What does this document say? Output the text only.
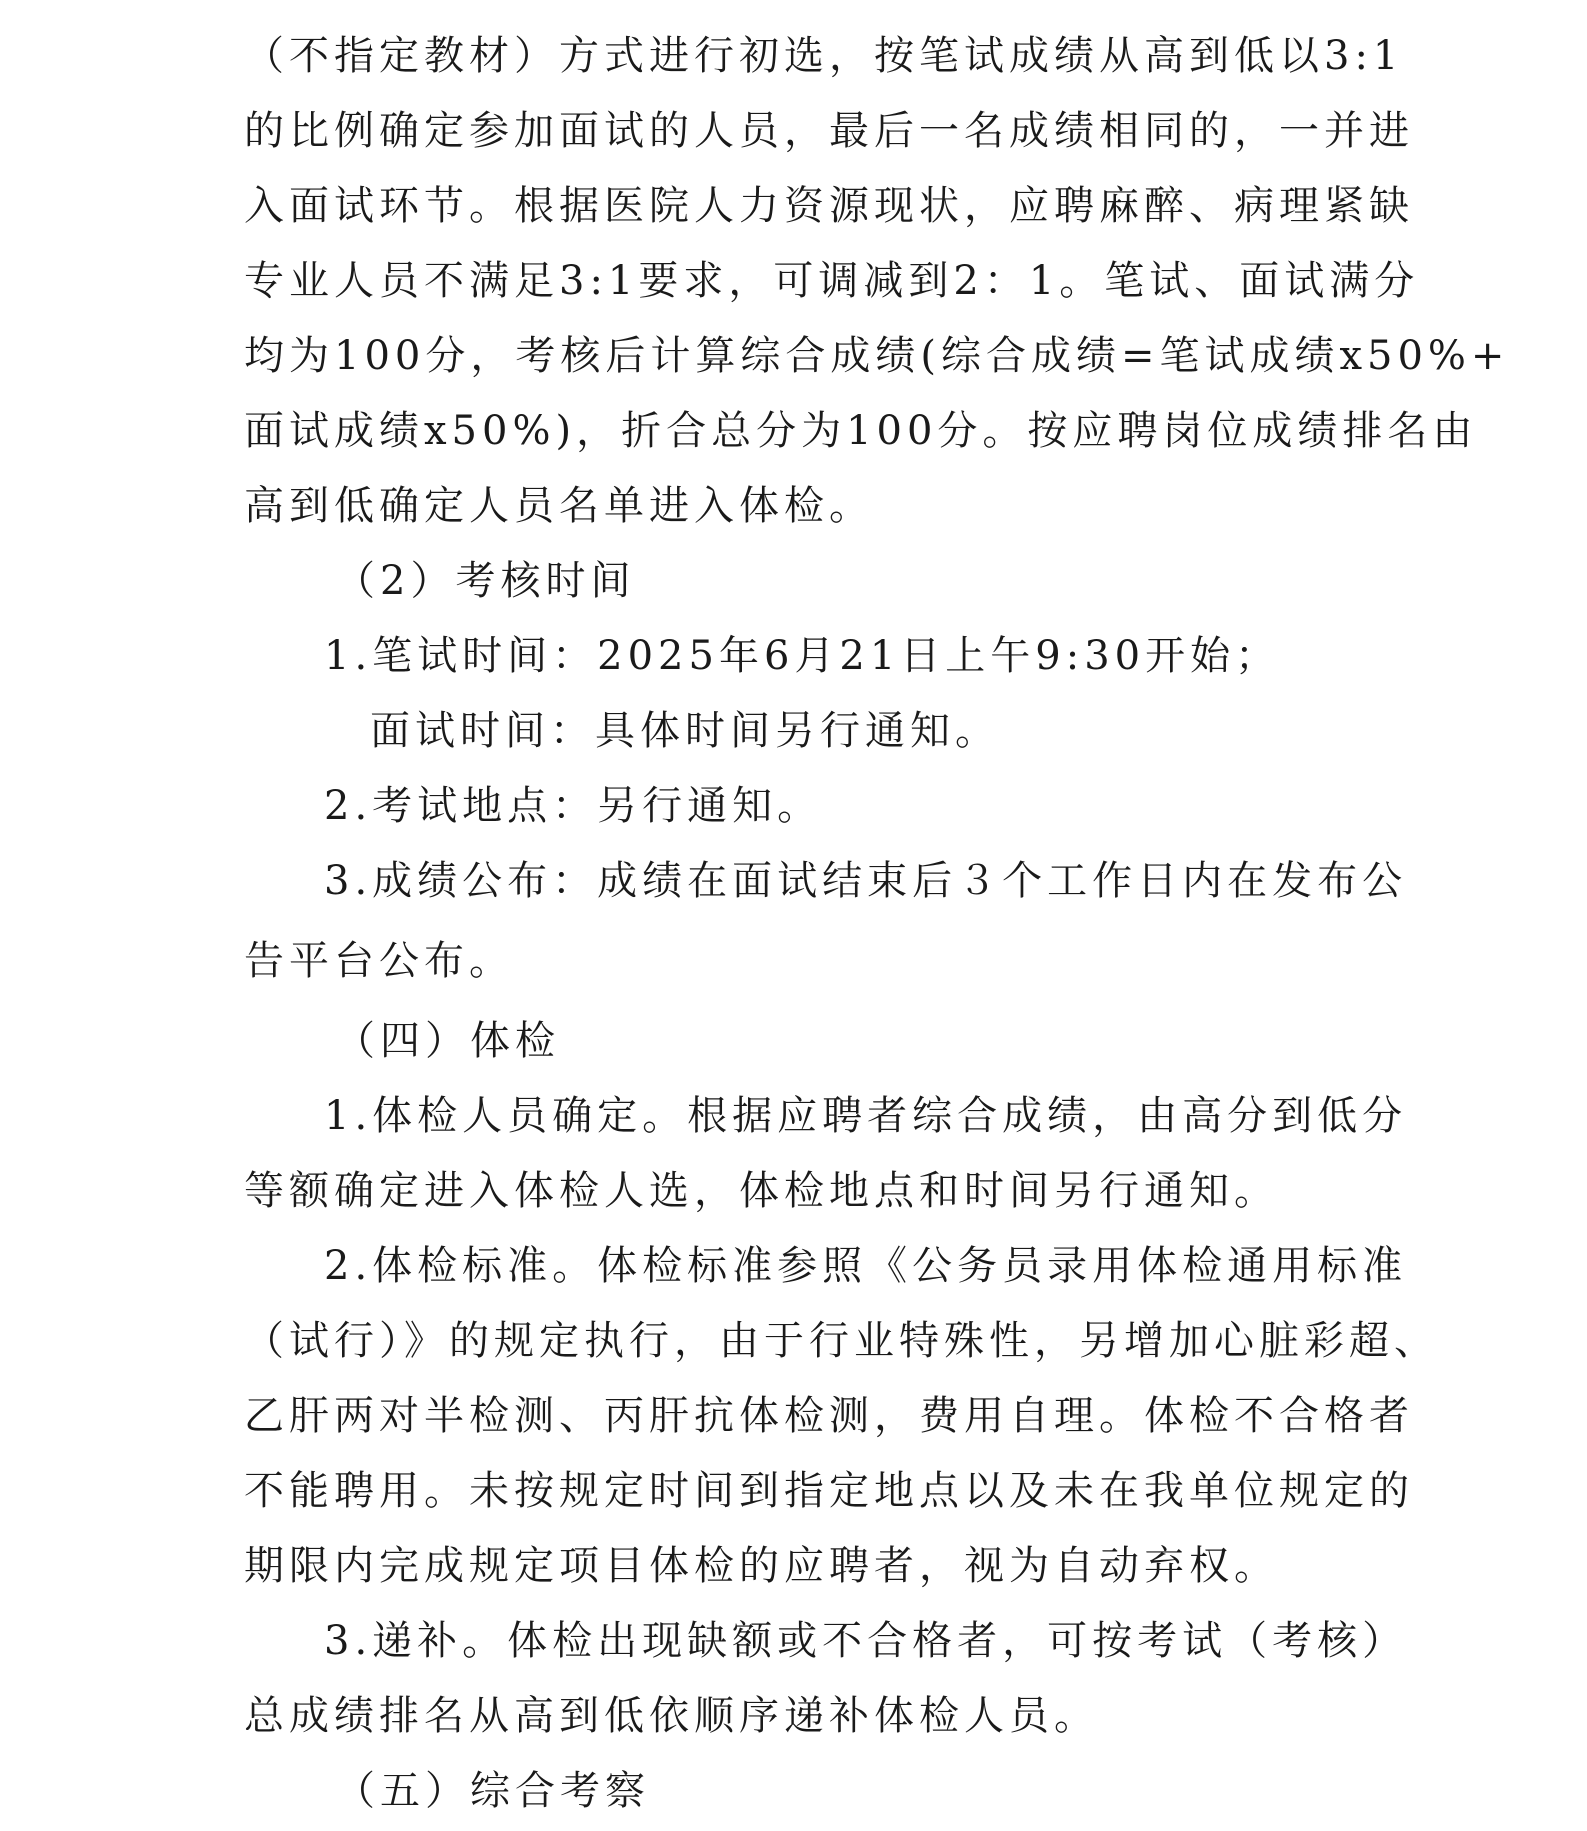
（不指定教材）方式进行初选，按笔试成绩从高到低以3:1
的比例确定参加面试的人员，最后一名成绩相同的，一并进
入面试环节。根据医院人力资源现状，应聘麻醉、病理紧缺
专业人员不满足3:1要求，可调减到2：1。笔试、面试满分
均为100分，考核后计算综合成绩(综合成绩=笔试成绩x50%+
面试成绩x50%)，折合总分为100分。按应聘岗位成绩排名由
高到低确定人员名单进入体检。
（2）考核时间
1.笔试时间：2025年6月21日上午9:30开始；
面试时间：具体时间另行通知。
2.考试地点：另行通知。
3.成绩公布：成绩在面试结束后３个工作日内在发布公
告平台公布。
（四）体检
1.体检人员确定。根据应聘者综合成绩，由高分到低分
等额确定进入体检人选，体检地点和时间另行通知。
2.体检标准。体检标准参照《公务员录用体检通用标准
（试行）》的规定执行，由于行业特殊性，另增加心脏彩超、
乙肝两对半检测、丙肝抗体检测，费用自理。体检不合格者
不能聘用。未按规定时间到指定地点以及未在我单位规定的
期限内完成规定项目体检的应聘者，视为自动弃权。
3.递补。体检出现缺额或不合格者，可按考试（考核）
总成绩排名从高到低依顺序递补体检人员。
（五）综合考察
